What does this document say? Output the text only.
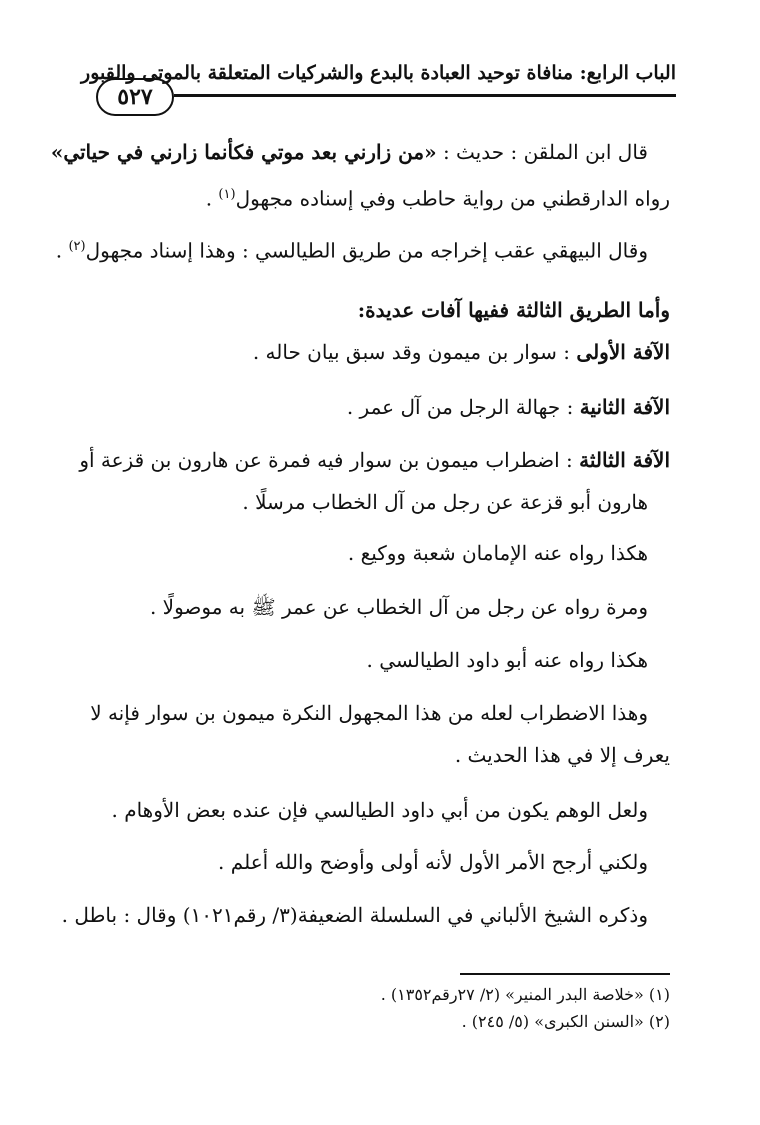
٥٢٧
الباب الرابع: منافاة توحيد العبادة بالبدع والشركيات المتعلقة بالموتى والقبور
قال ابن الملقن : حديث : «من زارني بعد موتي فكأنما زارني في حياتي»
رواه الدارقطني من رواية حاطب وفي إسناده مجهول$^{(١)}$ .
وقال البيهقي عقب إخراجه من طريق الطيالسي : وهذا إسناد مجهول$^{(٢)}$ .
وأما الطريق الثالثة ففيها آفات عديدة:
الآفة الأولى : سوار بن ميمون وقد سبق بيان حاله .
الآفة الثانية : جهالة الرجل من آل عمر .
الآفة الثالثة : اضطراب ميمون بن سوار فيه فمرة عن هارون بن قزعة أو
هارون أبو قزعة عن رجل من آل الخطاب مرسلًا .
هكذا رواه عنه الإمامان شعبة ووكيع .
ومرة رواه عن رجل من آل الخطاب عن عمر ﷺ به موصولًا .
هكذا رواه عنه أبو داود الطيالسي .
وهذا الاضطراب لعله من هذا المجهول النكرة ميمون بن سوار فإنه لا
يعرف إلا في هذا الحديث .
ولعل الوهم يكون من أبي داود الطيالسي فإن عنده بعض الأوهام .
ولكني أرجح الأمر الأول لأنه أولى وأوضح والله أعلم .
وذكره الشيخ الألباني في السلسلة الضعيفة(٣/ رقم١٠٢١) وقال : باطل .
(١) «خلاصة البدر المنير» (٢/ ٢٧رقم١٣٥٢) .
(٢) «السنن الكبرى» (٥/ ٢٤٥) .
